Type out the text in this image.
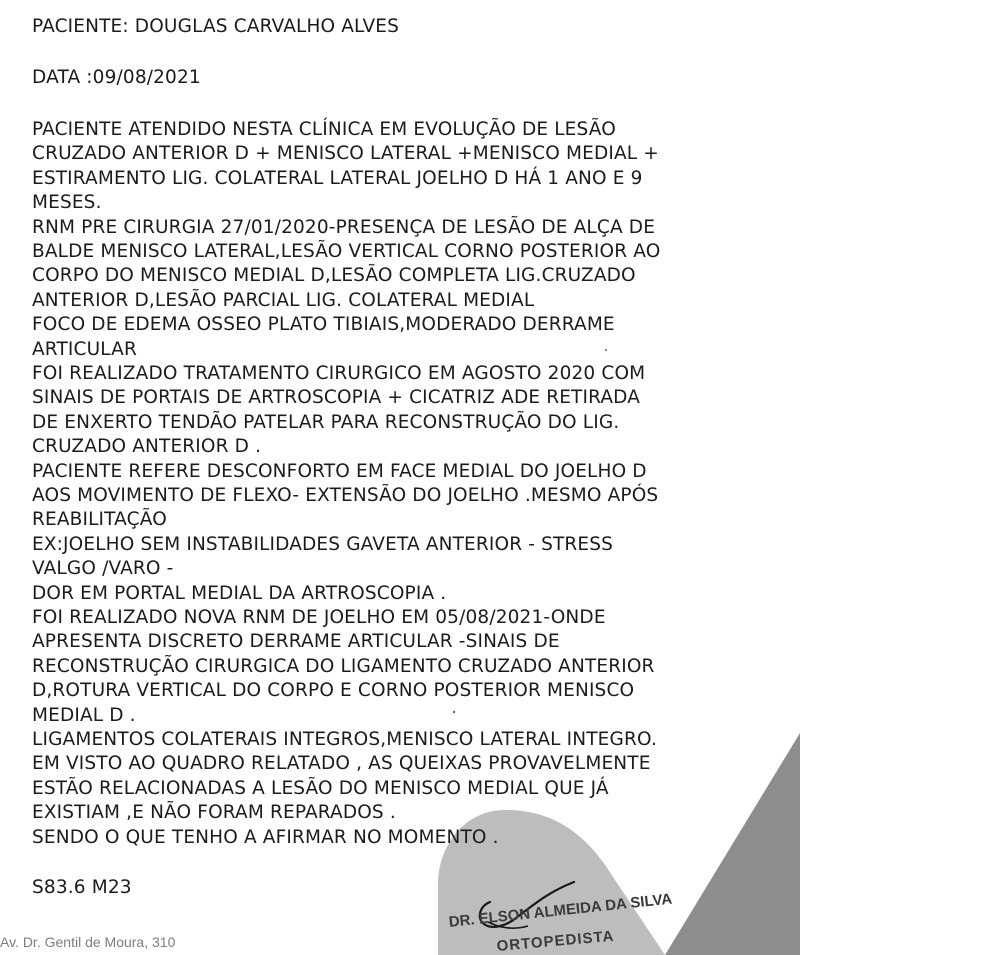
PACIENTE: DOUGLAS CARVALHO ALVES

DATA :09/08/2021

PACIENTE ATENDIDO NESTA CLÍNICA EM EVOLUÇÃO DE LESÃO

CRUZADO ANTERIOR D + MENISCO LATERAL +MENISCO MEDIAL +

ESTIRAMENTO LIG. COLATERAL LATERAL JOELHO D HÁ 1 ANO E 9

MESES.

RNM PRE CIRURGIA 27/01/2020-PRESENÇA DE LESÃO DE ALÇA DE

BALDE MENISCO LATERAL,LESÃO VERTICAL CORNO POSTERIOR AO

CORPO DO MENISCO MEDIAL D,LESÃO COMPLETA LIG.CRUZADO

ANTERIOR D,LESÃO PARCIAL LIG. COLATERAL MEDIAL

FOCO DE EDEMA OSSEO PLATO TIBIAIS,MODERADO DERRAME

ARTICULAR

FOI REALIZADO TRATAMENTO CIRURGICO EM AGOSTO 2020 COM

SINAIS DE PORTAIS DE ARTROSCOPIA + CICATRIZ ADE RETIRADA

DE ENXERTO TENDÃO PATELAR PARA RECONSTRUÇÃO DO LIG.

CRUZADO ANTERIOR D .

PACIENTE REFERE DESCONFORTO EM FACE MEDIAL DO JOELHO D

AOS MOVIMENTO DE FLEXO- EXTENSÃO DO JOELHO .MESMO APÓS

REABILITAÇÃO

EX:JOELHO SEM INSTABILIDADES GAVETA ANTERIOR - STRESS

VALGO /VARO -

DOR EM PORTAL MEDIAL DA ARTROSCOPIA .

FOI REALIZADO NOVA RNM DE JOELHO EM 05/08/2021-ONDE

APRESENTA DISCRETO DERRAME ARTICULAR -SINAIS DE

RECONSTRUÇÃO CIRURGICA DO LIGAMENTO CRUZADO ANTERIOR

D,ROTURA VERTICAL DO CORPO E CORNO POSTERIOR MENISCO

MEDIAL D .

LIGAMENTOS COLATERAIS INTEGROS,MENISCO LATERAL INTEGRO.

EM VISTO AO QUADRO RELATADO , AS QUEIXAS PROVAVELMENTE

ESTÃO RELACIONADAS A LESÃO DO MENISCO MEDIAL QUE JÁ

EXISTIAM ,E NÃO FORAM REPARADOS .

SENDO O QUE TENHO A AFIRMAR NO MOMENTO .

S83.6 M23

Av. Dr. Gentil de Moura, 310
DR. ELSON ALMEIDA DA SILVA
ORTOPEDISTA
